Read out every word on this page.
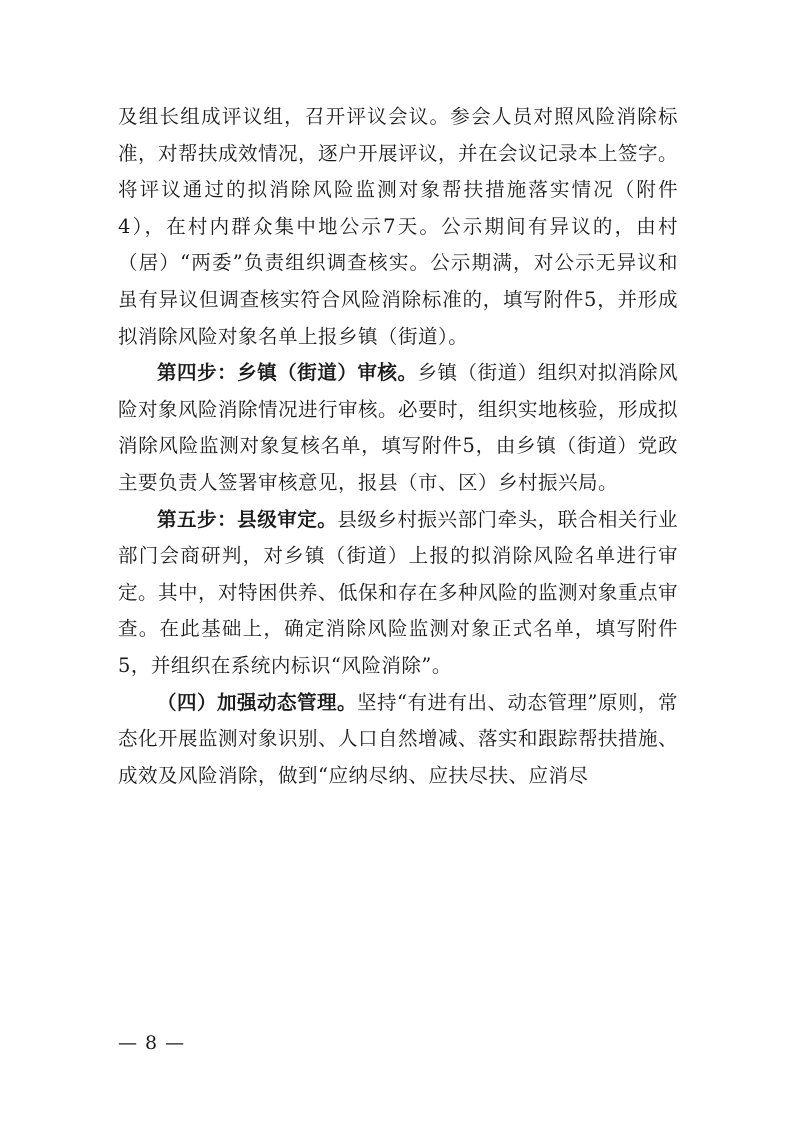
及组长组成评议组，召开评议会议。参会人员对照风险消除标准，对帮扶成效情况，逐户开展评议，并在会议记录本上签字。将评议通过的拟消除风险监测对象帮扶措施落实情况（附件4），在村内群众集中地公示7天。公示期间有异议的，由村（居）“两委”负责组织调查核实。公示期满，对公示无异议和虽有异议但调查核实符合风险消除标准的，填写附件5，并形成拟消除风险对象名单上报乡镇（街道）。

第四步：乡镇（街道）审核。乡镇（街道）组织对拟消除风险对象风险消除情况进行审核。必要时，组织实地核验，形成拟消除风险监测对象复核名单，填写附件5，由乡镇（街道）党政主要负责人签署审核意见，报县（市、区）乡村振兴局。

第五步：县级审定。县级乡村振兴部门牵头，联合相关行业部门会商研判，对乡镇（街道）上报的拟消除风险名单进行审定。其中，对特困供养、低保和存在多种风险的监测对象重点审查。在此基础上，确定消除风险监测对象正式名单，填写附件5，并组织在系统内标识“风险消除”。

（四）加强动态管理。坚持“有进有出、动态管理”原则，常态化开展监测对象识别、人口自然增减、落实和跟踪帮扶措施、成效及风险消除，做到“应纳尽纳、应扶尽扶、应消尽

— 8 —
